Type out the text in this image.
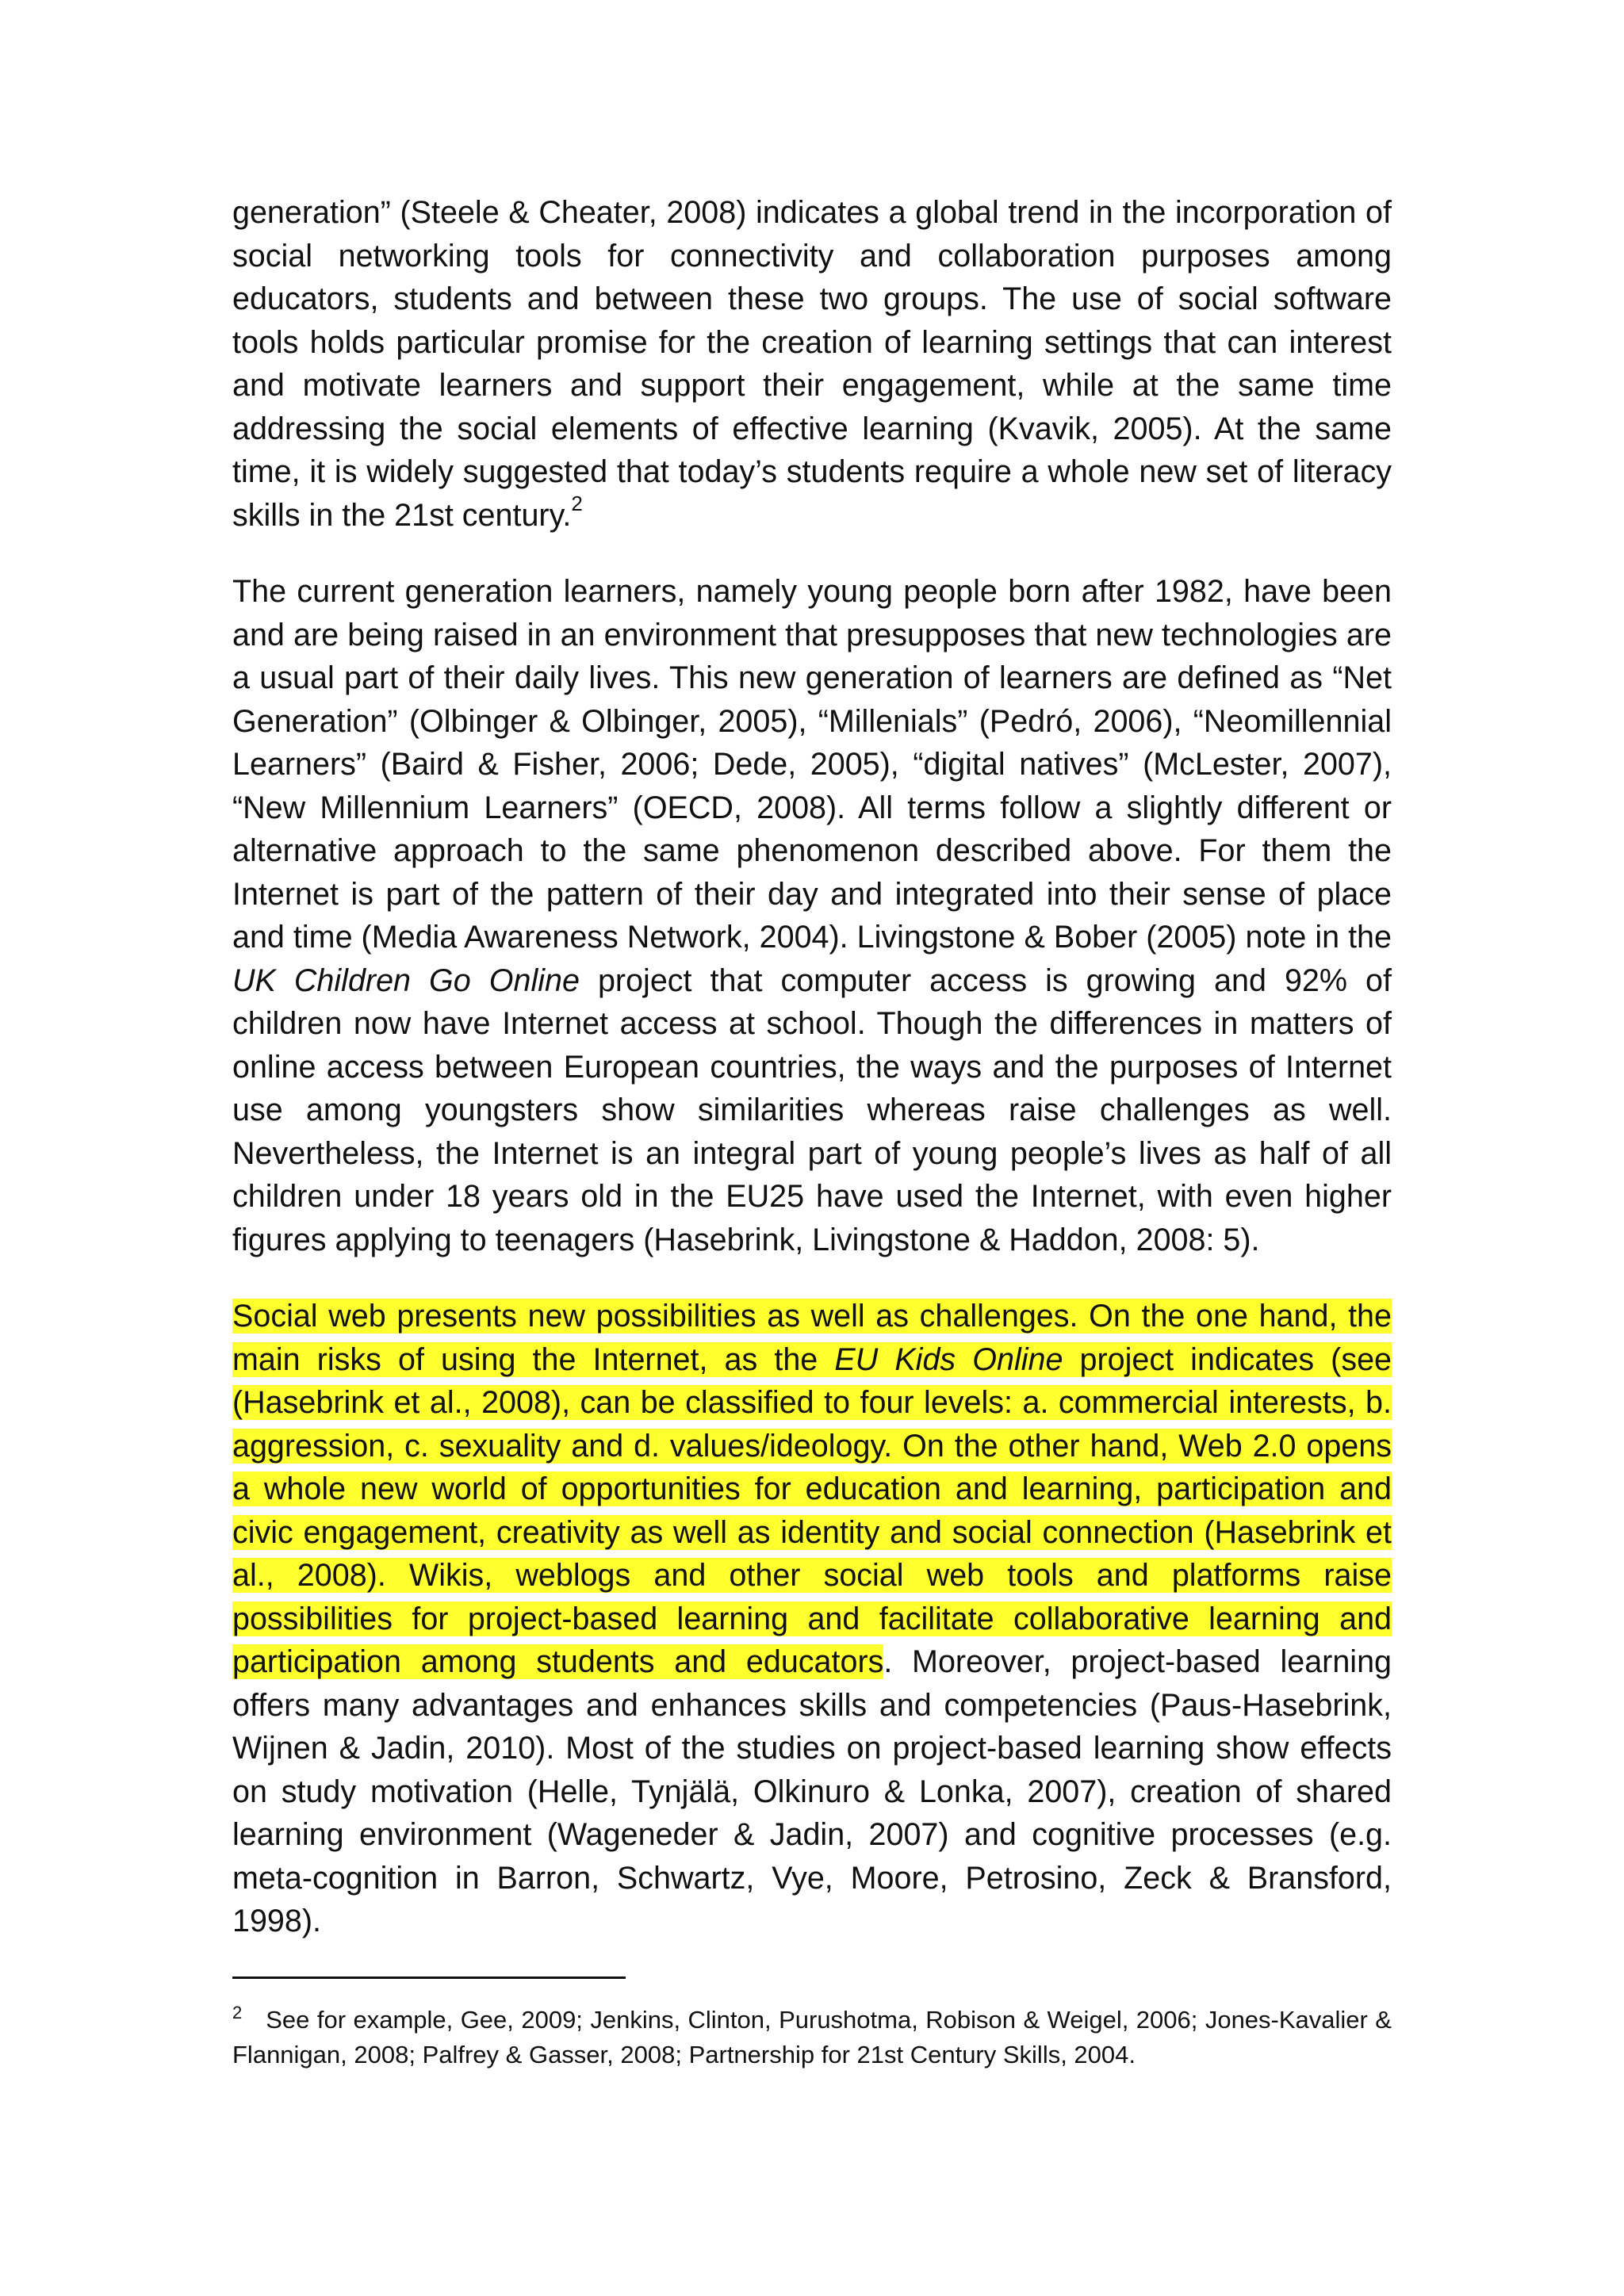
generation” (Steele & Cheater, 2008) indicates a global trend in the incorporation of social networking tools for connectivity and collaboration purposes among educators, students and between these two groups. The use of social software tools holds particular promise for the creation of learning settings that can interest and motivate learners and support their engagement, while at the same time addressing the social elements of effective learning (Kvavik, 2005). At the same time, it is widely suggested that today’s students require a whole new set of literacy skills in the 21st century.$^2$

The current generation learners, namely young people born after 1982, have been and are being raised in an environment that presupposes that new technologies are a usual part of their daily lives. This new generation of learners are defined as “Net Generation” (Olbinger & Olbinger, 2005), “Millenials” (Pedró, 2006), “Neomillennial Learners” (Baird & Fisher, 2006; Dede, 2005), “digital natives” (McLester, 2007), “New Millennium Learners” (OECD, 2008). All terms follow a slightly different or alternative approach to the same phenomenon described above. For them the Internet is part of the pattern of their day and integrated into their sense of place and time (Media Awareness Network, 2004). Livingstone & Bober (2005) note in the UK Children Go Online project that computer access is growing and 92% of children now have Internet access at school. Though the differences in matters of online access between European countries, the ways and the purposes of Internet use among youngsters show similarities whereas raise challenges as well. Nevertheless, the Internet is an integral part of young people’s lives as half of all children under 18 years old in the EU25 have used the Internet, with even higher figures applying to teenagers (Hasebrink, Livingstone & Haddon, 2008: 5).

Social web presents new possibilities as well as challenges. On the one hand, the main risks of using the Internet, as the EU Kids Online project indicates (see (Hasebrink et al., 2008), can be classified to four levels: a. commercial interests, b. aggression, c. sexuality and d. values/ideology. On the other hand, Web 2.0 opens a whole new world of opportunities for education and learning, participation and civic engagement, creativity as well as identity and social connection (Hasebrink et al., 2008). Wikis, weblogs and other social web tools and platforms raise possibilities for project-based learning and facilitate collaborative learning and participation among students and educators. Moreover, project-based learning offers many advantages and enhances skills and competencies (Paus-Hasebrink, Wijnen & Jadin, 2010). Most of the studies on project-based learning show effects on study motivation (Helle, Tynjälä, Olkinuro & Lonka, 2007), creation of shared learning environment (Wageneder & Jadin, 2007) and cognitive processes (e.g. meta-cognition in Barron, Schwartz, Vye, Moore, Petrosino, Zeck & Bransford, 1998).

$^2$ See for example, Gee, 2009; Jenkins, Clinton, Purushotma, Robison & Weigel, 2006; Jones-Kavalier & Flannigan, 2008; Palfrey & Gasser, 2008; Partnership for 21st Century Skills, 2004.
